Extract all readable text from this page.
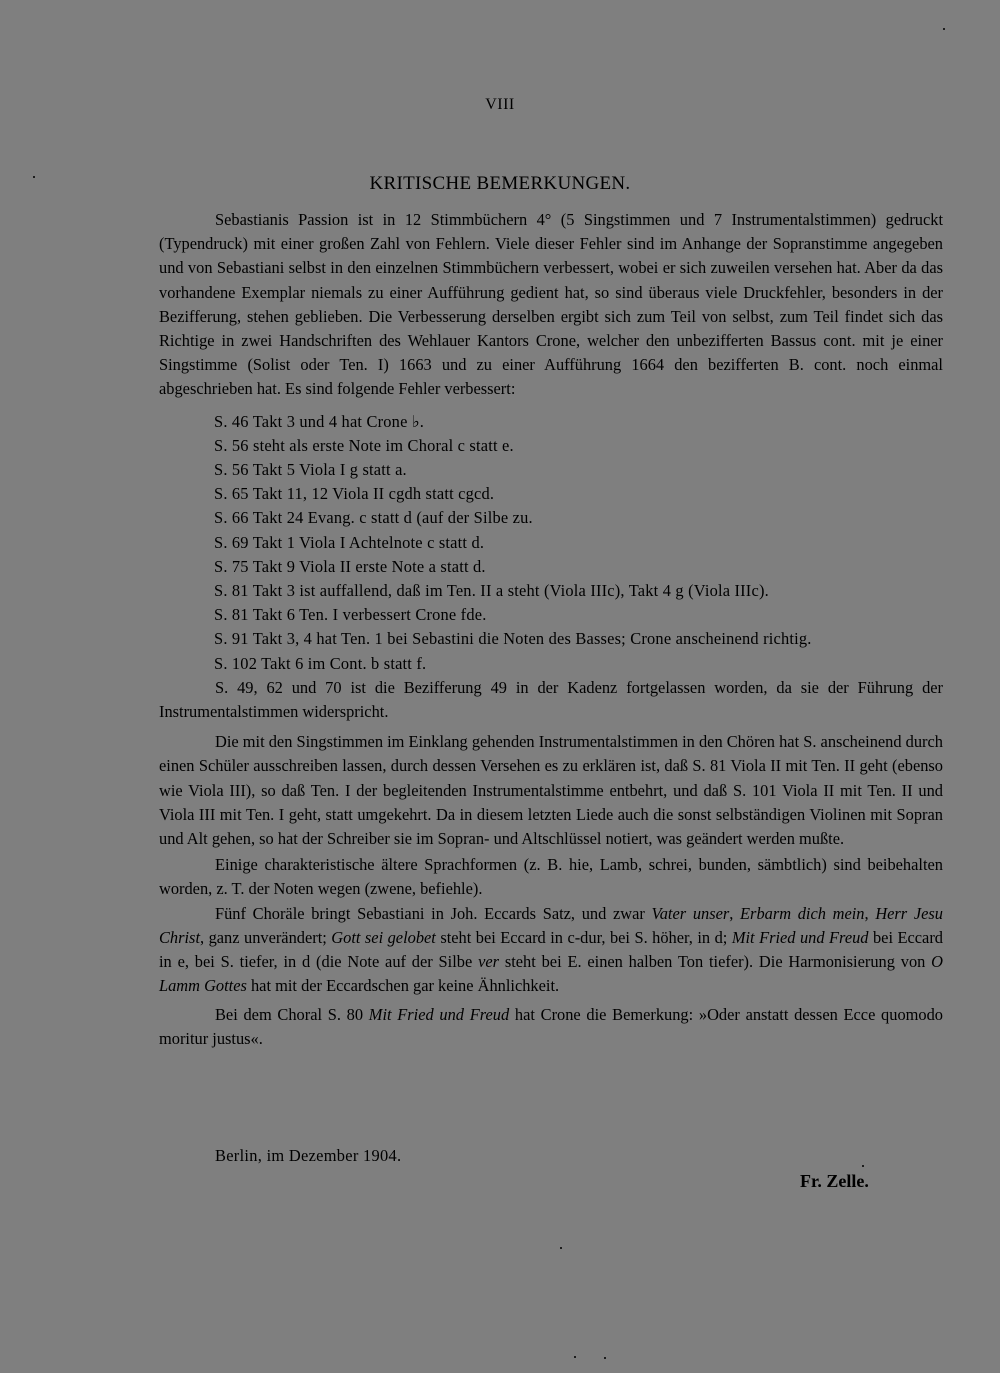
VIII
KRITISCHE BEMERKUNGEN.

Sebastianis Passion ist in 12 Stimmbüchern 4° (5 Singstimmen und 7 Instrumentalstimmen) gedruckt (Typendruck) mit einer großen Zahl von Fehlern. Viele dieser Fehler sind im Anhange der Sopranstimme angegeben und von Sebastiani selbst in den einzelnen Stimmbüchern verbessert, wobei er sich zuweilen versehen hat. Aber da das vorhandene Exemplar niemals zu einer Aufführung gedient hat, so sind überaus viele Druckfehler, besonders in der Bezifferung, stehen geblieben. Die Verbesserung derselben ergibt sich zum Teil von selbst, zum Teil findet sich das Richtige in zwei Handschriften des Wehlauer Kantors Crone, welcher den unbezifferten Bassus cont. mit je einer Singstimme (Solist oder Ten. I) 1663 und zu einer Aufführung 1664 den bezifferten B. cont. noch einmal abgeschrieben hat. Es sind folgende Fehler verbessert:

S. 46 Takt 3 und 4 hat Crone ♭.
S. 56 steht als erste Note im Choral c statt e.
S. 56 Takt 5 Viola I g statt a.
S. 65 Takt 11, 12 Viola II cgdh statt cgcd.
S. 66 Takt 24 Evang. c statt d (auf der Silbe zu.
S. 69 Takt 1 Viola I Achtelnote c statt d.
S. 75 Takt 9 Viola II erste Note a statt d.
S. 81 Takt 3 ist auffallend, daß im Ten. II a steht (Viola IIIc), Takt 4 g (Viola IIIc).
S. 81 Takt 6 Ten. I verbessert Crone fde.
S. 91 Takt 3, 4 hat Ten. 1 bei Sebastini die Noten des Basses; Crone anscheinend richtig.
S. 102 Takt 6 im Cont. b statt f.

S. 49, 62 und 70 ist die Bezifferung 49 in der Kadenz fortgelassen worden, da sie der Führung der Instrumentalstimmen widerspricht.

Die mit den Singstimmen im Einklang gehenden Instrumentalstimmen in den Chören hat S. anscheinend durch einen Schüler ausschreiben lassen, durch dessen Versehen es zu erklären ist, daß S. 81 Viola II mit Ten. II geht (ebenso wie Viola III), so daß Ten. I der begleitenden Instrumentalstimme entbehrt, und daß S. 101 Viola II mit Ten. II und Viola III mit Ten. I geht, statt umgekehrt. Da in diesem letzten Liede auch die sonst selbständigen Violinen mit Sopran und Alt gehen, so hat der Schreiber sie im Sopran- und Altschlüssel notiert, was geändert werden mußte.

Einige charakteristische ältere Sprachformen (z. B. hie, Lamb, schrei, bunden, sämbtlich) sind beibehalten worden, z. T. der Noten wegen (zwene, befiehle).

Fünf Choräle bringt Sebastiani in Joh. Eccards Satz, und zwar Vater unser, Erbarm dich mein, Herr Jesu Christ, ganz unverändert; Gott sei gelobet steht bei Eccard in c-dur, bei S. höher, in d; Mit Fried und Freud bei Eccard in e, bei S. tiefer, in d (die Note auf der Silbe ver steht bei E. einen halben Ton tiefer). Die Harmonisierung von O Lamm Gottes hat mit der Eccardschen gar keine Ähnlichkeit.

Bei dem Choral S. 80 Mit Fried und Freud hat Crone die Bemerkung: »Oder anstatt dessen Ecce quomodo moritur justus«.

Berlin, im Dezember 1904.
Fr. Zelle.
